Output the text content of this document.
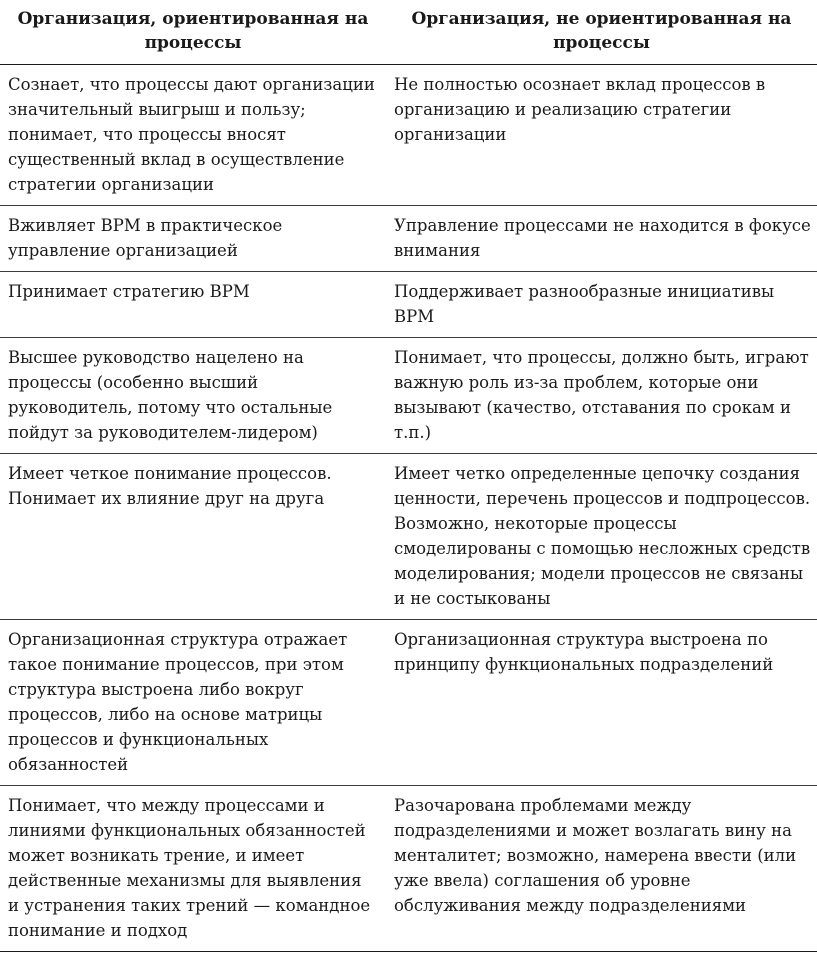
Организация, ориентированная на процессы	Организация, не ориентированная на процессы
Сознает, что процессы дают организации значительный выигрыш и пользу; понимает, что процессы вносят существенный вклад в осуществление стратегии организации	Не полностью осознает вклад процессов в организацию и реализацию стратегии организации
Вживляет BPM в практическое управление организацией	Управление процессами не находится в фокусе внимания
Принимает стратегию BPM	Поддерживает разнообразные инициативы BPM
Высшее руководство нацелено на процессы (особенно высший руководитель, потому что остальные пойдут за руководителем-лидером)	Понимает, что процессы, должно быть, играют важную роль из-за проблем, которые они вызывают (качество, отставания по срокам и т.п.)
Имеет четкое понимание процессов. Понимает их влияние друг на друга	Имеет четко определенные цепочку создания ценности, перечень процессов и подпроцессов. Возможно, некоторые процессы смоделированы с помощью несложных средств моделирования; модели процессов не связаны и не состыкованы
Организационная структура отражает такое понимание процессов, при этом структура выстроена либо вокруг процессов, либо на основе матрицы процессов и функциональных обязанностей	Организационная структура выстроена по принципу функциональных подразделений
Понимает, что между процессами и линиями функциональных обязанностей может возникать трение, и имеет действенные механизмы для выявления и устранения таких трений — командное понимание и подход	Разочарована проблемами между подразделениями и может возлагать вину на менталитет; возможно, намерена ввести (или уже ввела) соглашения об уровне обслуживания между подразделениями
